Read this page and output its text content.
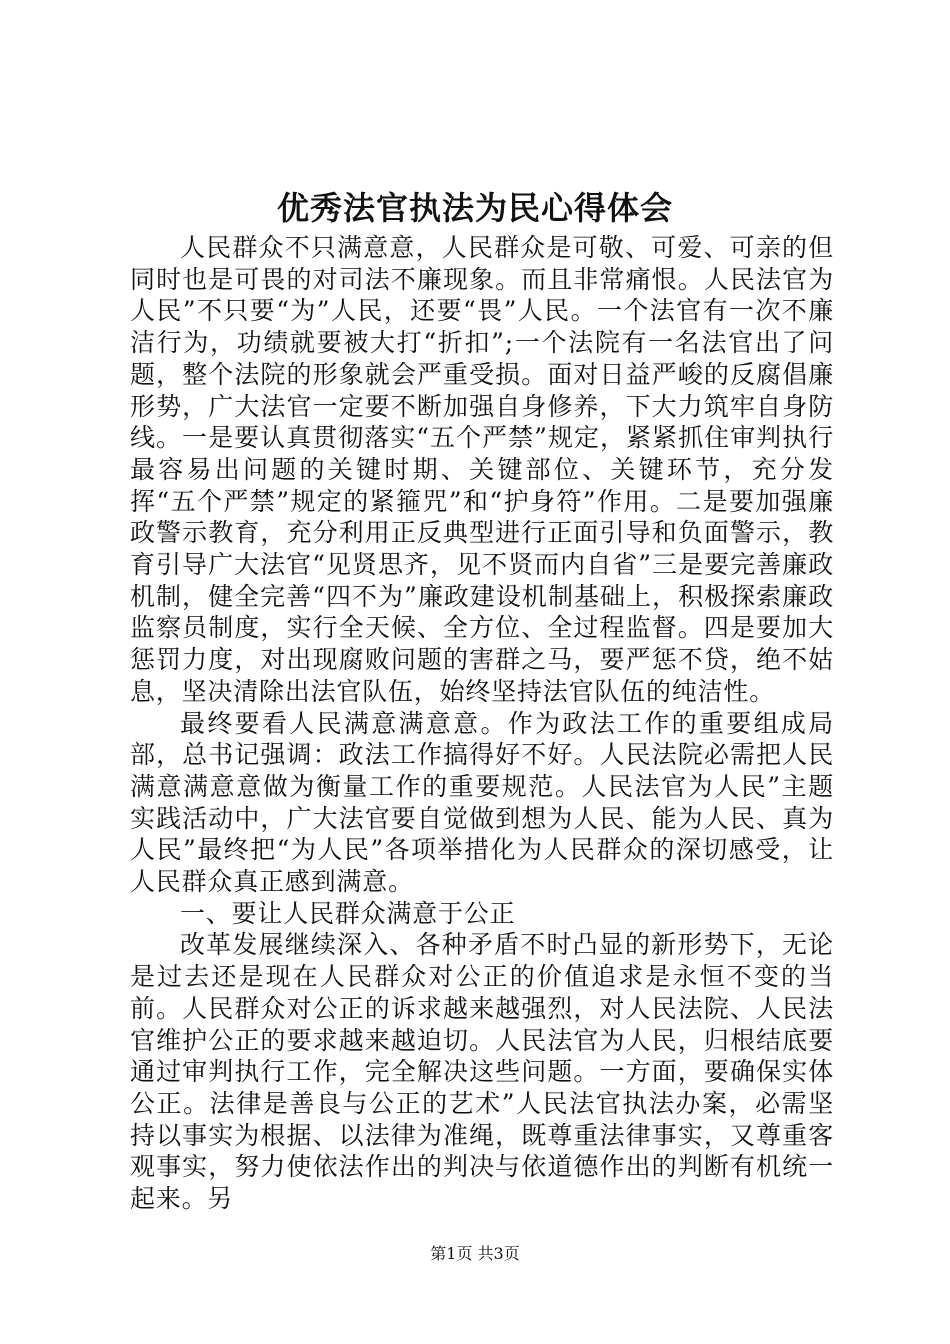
优秀法官执法为民心得体会

人民群众不只满意意，人民群众是可敬、可爱、可亲的但同时也是可畏的对司法不廉现象。而且非常痛恨。人民法官为人民”不只要“为”人民，还要“畏”人民。一个法官有一次不廉洁行为，功绩就要被大打“折扣”;一个法院有一名法官出了问题，整个法院的形象就会严重受损。面对日益严峻的反腐倡廉形势，广大法官一定要不断加强自身修养，下大力筑牢自身防线。一是要认真贯彻落实“五个严禁”规定，紧紧抓住审判执行最容易出问题的关键时期、关键部位、关键环节，充分发挥“五个严禁”规定的紧箍咒”和“护身符”作用。二是要加强廉政警示教育，充分利用正反典型进行正面引导和负面警示，教育引导广大法官“见贤思齐，见不贤而内自省”三是要完善廉政机制，健全完善“四不为”廉政建设机制基础上，积极探索廉政监察员制度，实行全天候、全方位、全过程监督。四是要加大惩罚力度，对出现腐败问题的害群之马，要严惩不贷，绝不姑息，坚决清除出法官队伍，始终坚持法官队伍的纯洁性。

最终要看人民满意满意意。作为政法工作的重要组成局部，总书记强调：政法工作搞得好不好。人民法院必需把人民满意满意意做为衡量工作的重要规范。人民法官为人民”主题实践活动中，广大法官要自觉做到想为人民、能为人民、真为人民”最终把“为人民”各项举措化为人民群众的深切感受，让人民群众真正感到满意。

一、要让人民群众满意于公正

改革发展继续深入、各种矛盾不时凸显的新形势下，无论是过去还是现在人民群众对公正的价值追求是永恒不变的当前。人民群众对公正的诉求越来越强烈，对人民法院、人民法官维护公正的要求越来越迫切。人民法官为人民，归根结底要通过审判执行工作，完全解决这些问题。一方面，要确保实体公正。法律是善良与公正的艺术”人民法官执法办案，必需坚持以事实为根据、以法律为准绳，既尊重法律事实，又尊重客观事实，努力使依法作出的判决与依道德作出的判断有机统一起来。另

第1页 共3页
